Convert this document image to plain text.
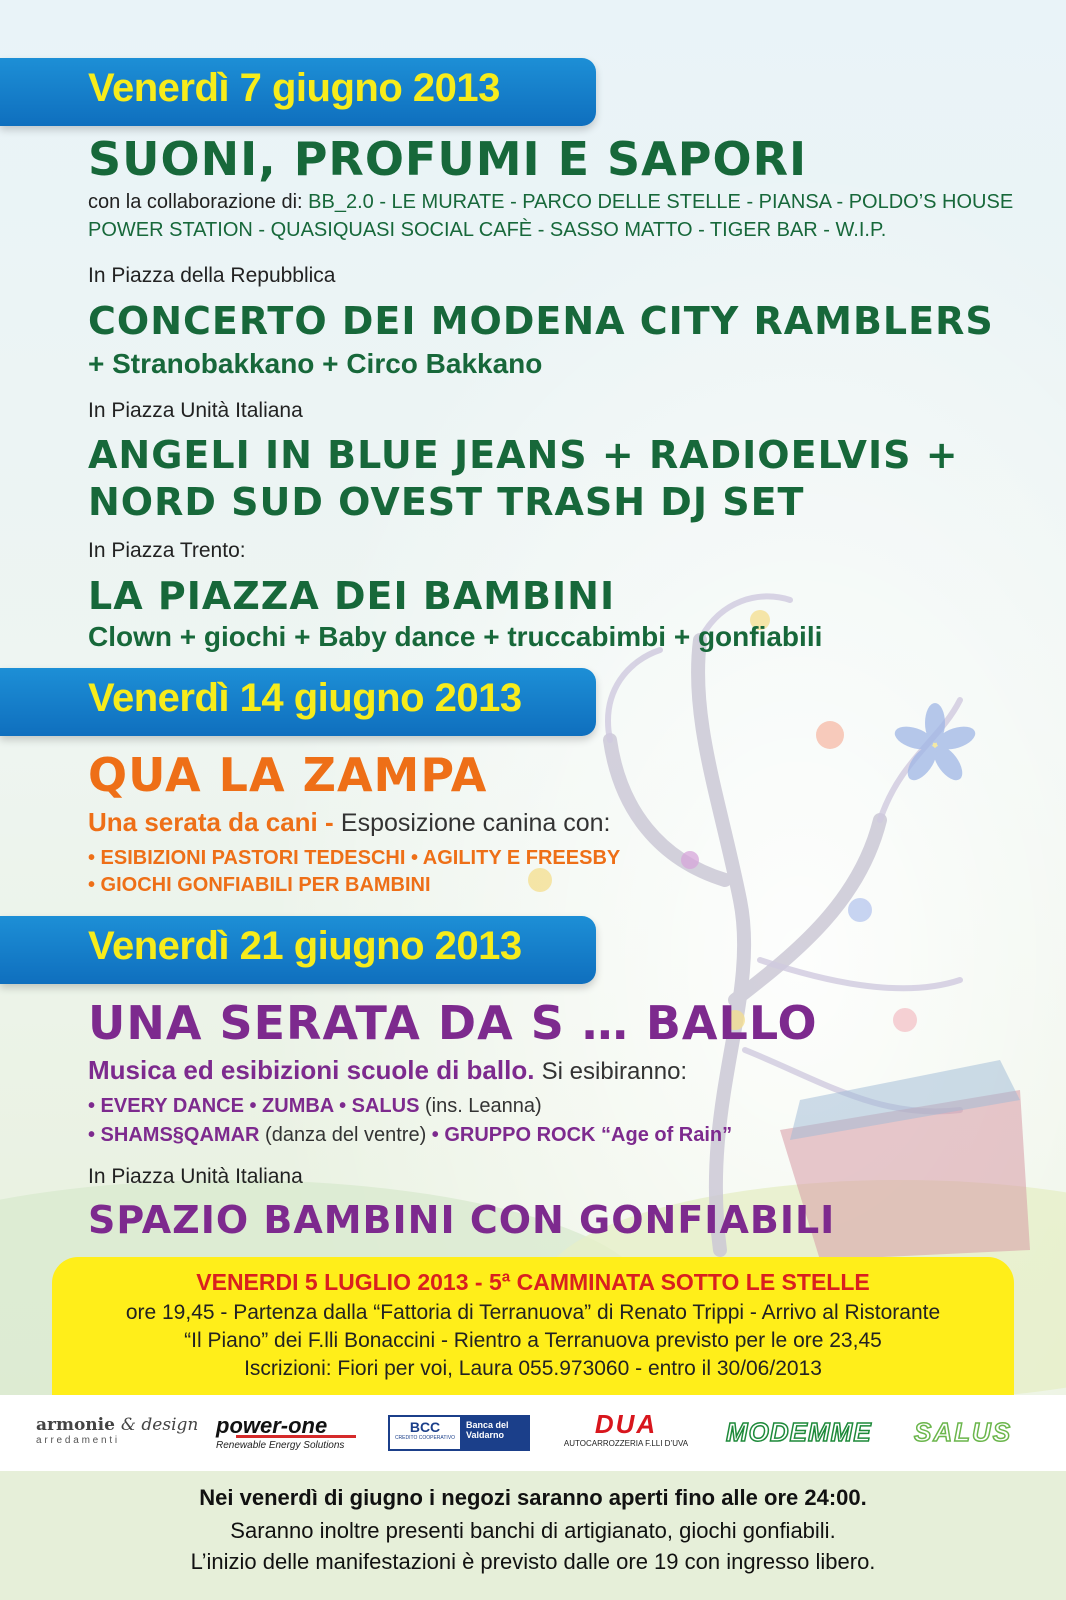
Venerdì 7 giugno 2013
SUONI, PROFUMI E SAPORI
con la collaborazione di: BB_2.0 - LE MURATE - PARCO DELLE STELLE - PIANSA - POLDO’S HOUSE
POWER STATION - QUASIQUASI SOCIAL CAFÈ - SASSO MATTO - TIGER BAR - W.I.P.
In Piazza della Repubblica
CONCERTO DEI MODENA CITY RAMBLERS
+ Stranobakkano + Circo Bakkano
In Piazza Unità Italiana
ANGELI IN BLUE JEANS + RADIOELVIS +
NORD SUD OVEST TRASH DJ SET
In Piazza Trento:
LA PIAZZA DEI BAMBINI
Clown + giochi + Baby dance + truccabimbi + gonfiabili
Venerdì 14 giugno 2013
QUA LA ZAMPA
Una serata da cani - Esposizione canina con:
• ESIBIZIONI PASTORI TEDESCHI • AGILITY E FREESBY
• GIOCHI GONFIABILI PER BAMBINI
Venerdì 21 giugno 2013
UNA SERATA DA S … BALLO
Musica ed esibizioni scuole di ballo. Si esibiranno:
• EVERY DANCE • ZUMBA • SALUS (ins. Leanna)
• SHAMS§QAMAR (danza del ventre) • GRUPPO ROCK “Age of Rain”
In Piazza Unità Italiana
SPAZIO BAMBINI CON GONFIABILI
VENERDI 5 LUGLIO 2013 - 5ª CAMMINATA SOTTO LE STELLE
ore 19,45 - Partenza dalla “Fattoria di Terranuova” di Renato Trippi - Arrivo al Ristorante
“Il Piano” dei F.lli Bonaccini - Rientro a Terranuova previsto per le ore 23,45
Iscrizioni: Fiori per voi, Laura 055.973060 - entro il 30/06/2013
armonie & design
a r r e d a m e n t i
power-one
Renewable Energy Solutions
BCC
CREDITO COOPERATIVO
Banca del
Valdarno	DUA
AUTOCARROZZERIA F.LLI D’UVA	MODEMME	SALUS
Nei venerdì di giugno i negozi saranno aperti fino alle ore 24:00.
Saranno inoltre presenti banchi di artigianato, giochi gonfiabili.
L’inizio delle manifestazioni è previsto dalle ore 19 con ingresso libero.
